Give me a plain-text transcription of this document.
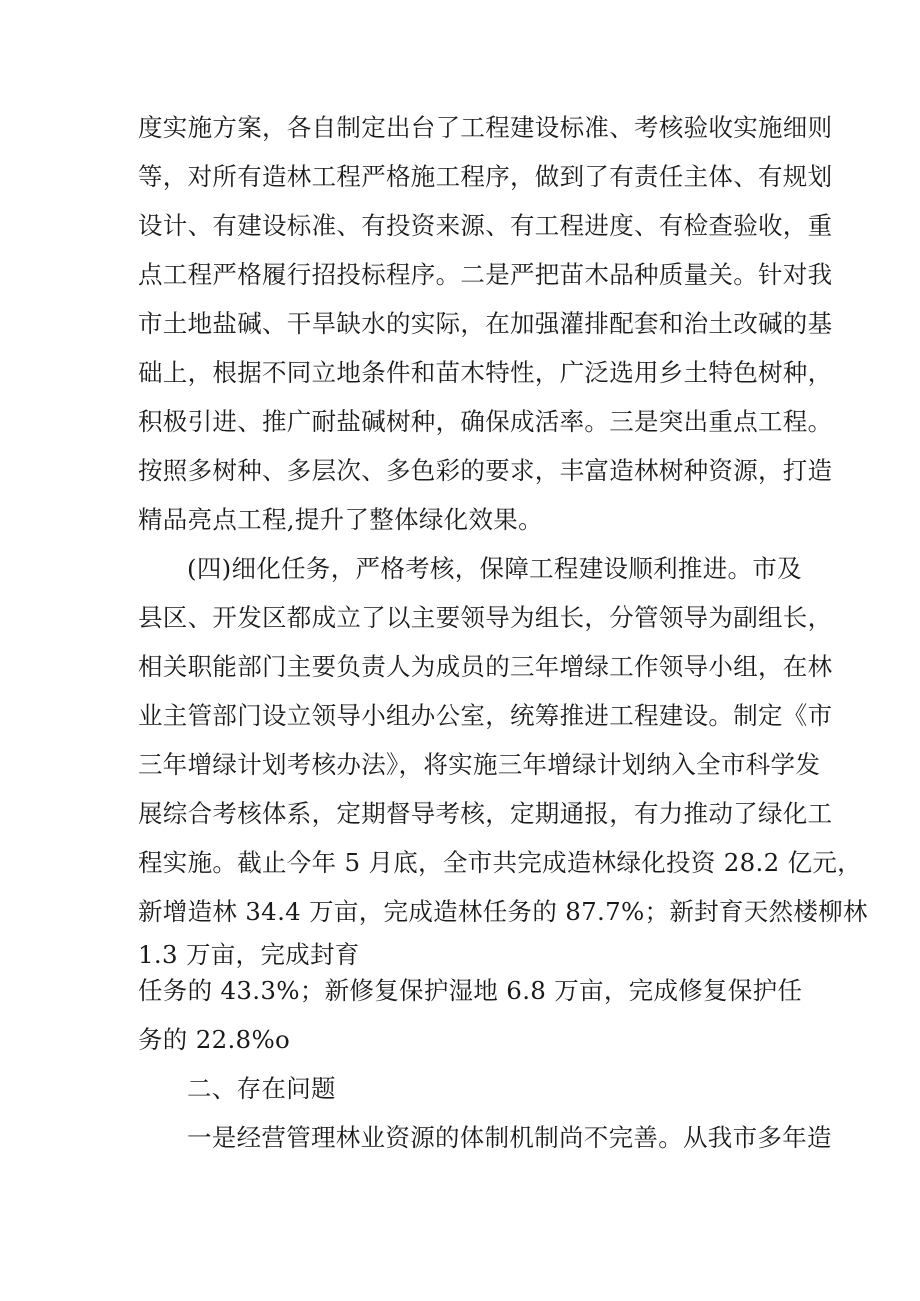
度实施方案，各自制定出台了工程建设标准、考核验收实施细则
等，对所有造林工程严格施工程序，做到了有责任主体、有规划
设计、有建设标准、有投资来源、有工程进度、有检查验收，重
点工程严格履行招投标程序。二是严把苗木品种质量关。针对我
市土地盐碱、干旱缺水的实际，在加强灌排配套和治土改碱的基
础上，根据不同立地条件和苗木特性，广泛选用乡土特色树种，
积极引进、推广耐盐碱树种，确保成活率。三是突出重点工程。
按照多树种、多层次、多色彩的要求，丰富造林树种资源，打造
精品亮点工程,提升了整体绿化效果。
(四)细化任务，严格考核，保障工程建设顺利推进。市及
县区、开发区都成立了以主要领导为组长，分管领导为副组长，
相关职能部门主要负责人为成员的三年增绿工作领导小组，在林
业主管部门设立领导小组办公室，统筹推进工程建设。制定《市
三年增绿计划考核办法》，将实施三年增绿计划纳入全市科学发
展综合考核体系，定期督导考核，定期通报，有力推动了绿化工
程实施。截止今年 5 月底，全市共完成造林绿化投资 28.2 亿元，
新增造林 34.4 万亩，完成造林任务的 87.7%；新封育天然楼柳林
1.3 万亩，完成封育
任务的 43.3%；新修复保护湿地 6.8 万亩，完成修复保护任
务的 22.8%o
二、存在问题
一是经营管理林业资源的体制机制尚不完善。从我市多年造
